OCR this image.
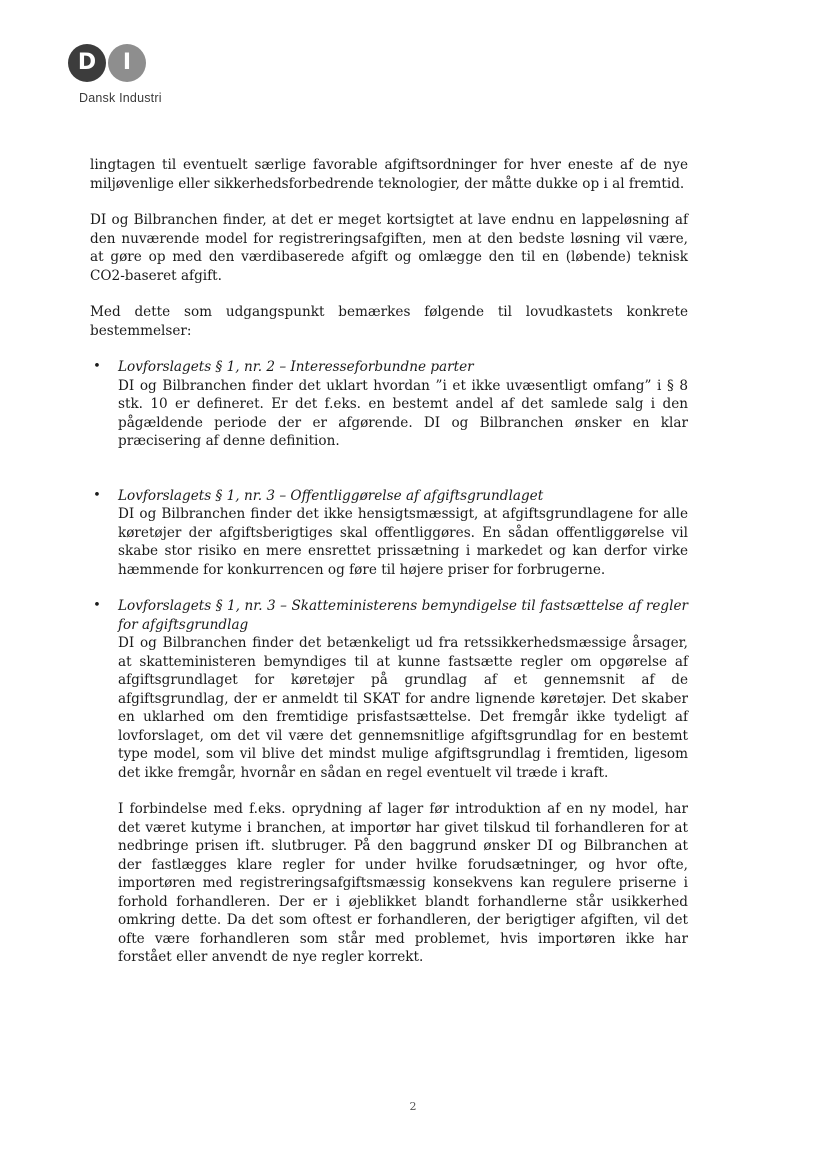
D	I
Dansk Industri

lingtagen til eventuelt særlige favorable afgiftsordninger for hver eneste af de nye miljøvenlige eller sikkerhedsforbedrende teknologier, der måtte dukke op i al fremtid.

DI og Bilbranchen finder, at det er meget kortsigtet at lave endnu en lappeløsning af den nuværende model for registreringsafgiften, men at den bedste løsning vil være, at gøre op med den værdibaserede afgift og omlægge den til en (løbende) teknisk CO2-baseret afgift.

Med dette som udgangspunkt bemærkes følgende til lovudkastets konkrete bestemmelser:

• Lovforslagets § 1, nr. 2 – Interesseforbundne parter

DI og Bilbranchen finder det uklart hvordan ”i et ikke uvæsentligt omfang” i § 8 stk. 10 er defineret. Er det f.eks. en bestemt andel af det samlede salg i den pågældende periode der er afgørende. DI og Bilbranchen ønsker en klar præcisering af denne definition.

• Lovforslagets § 1, nr. 3 – Offentliggørelse af afgiftsgrundlaget

DI og Bilbranchen finder det ikke hensigtsmæssigt, at afgiftsgrundlagene for alle køretøjer der afgiftsberigtiges skal offentliggøres. En sådan offentliggørelse vil skabe stor risiko en mere ensrettet prissætning i markedet og kan derfor virke hæmmende for konkurrencen og føre til højere priser for forbrugerne.

• Lovforslagets § 1, nr. 3 – Skatteministerens bemyndigelse til fastsættelse af regler for afgiftsgrundlag

DI og Bilbranchen finder det betænkeligt ud fra retssikkerhedsmæssige årsager, at skatteministeren bemyndiges til at kunne fastsætte regler om opgørelse af afgiftsgrundlaget for køretøjer på grundlag af et gennemsnit af de afgiftsgrundlag, der er anmeldt til SKAT for andre lignende køretøjer. Det skaber en uklarhed om den fremtidige prisfastsættelse. Det fremgår ikke tydeligt af lovforslaget, om det vil være det gennemsnitlige afgiftsgrundlag for en bestemt type model, som vil blive det mindst mulige afgiftsgrundlag i fremtiden, ligesom det ikke fremgår, hvornår en sådan en regel eventuelt vil træde i kraft.

I forbindelse med f.eks. oprydning af lager før introduktion af en ny model, har det været kutyme i branchen, at importør har givet tilskud til forhandleren for at nedbringe prisen ift. slutbruger. På den baggrund ønsker DI og Bilbranchen at der fastlægges klare regler for under hvilke forudsætninger, og hvor ofte, importøren med registreringsafgiftsmæssig konsekvens kan regulere priserne i forhold forhandleren. Der er i øjeblikket blandt forhandlerne står usikkerhed omkring dette. Da det som oftest er forhandleren, der berigtiger afgiften, vil det ofte være forhandleren som står med problemet, hvis importøren ikke har forstået eller anvendt de nye regler korrekt.

2
